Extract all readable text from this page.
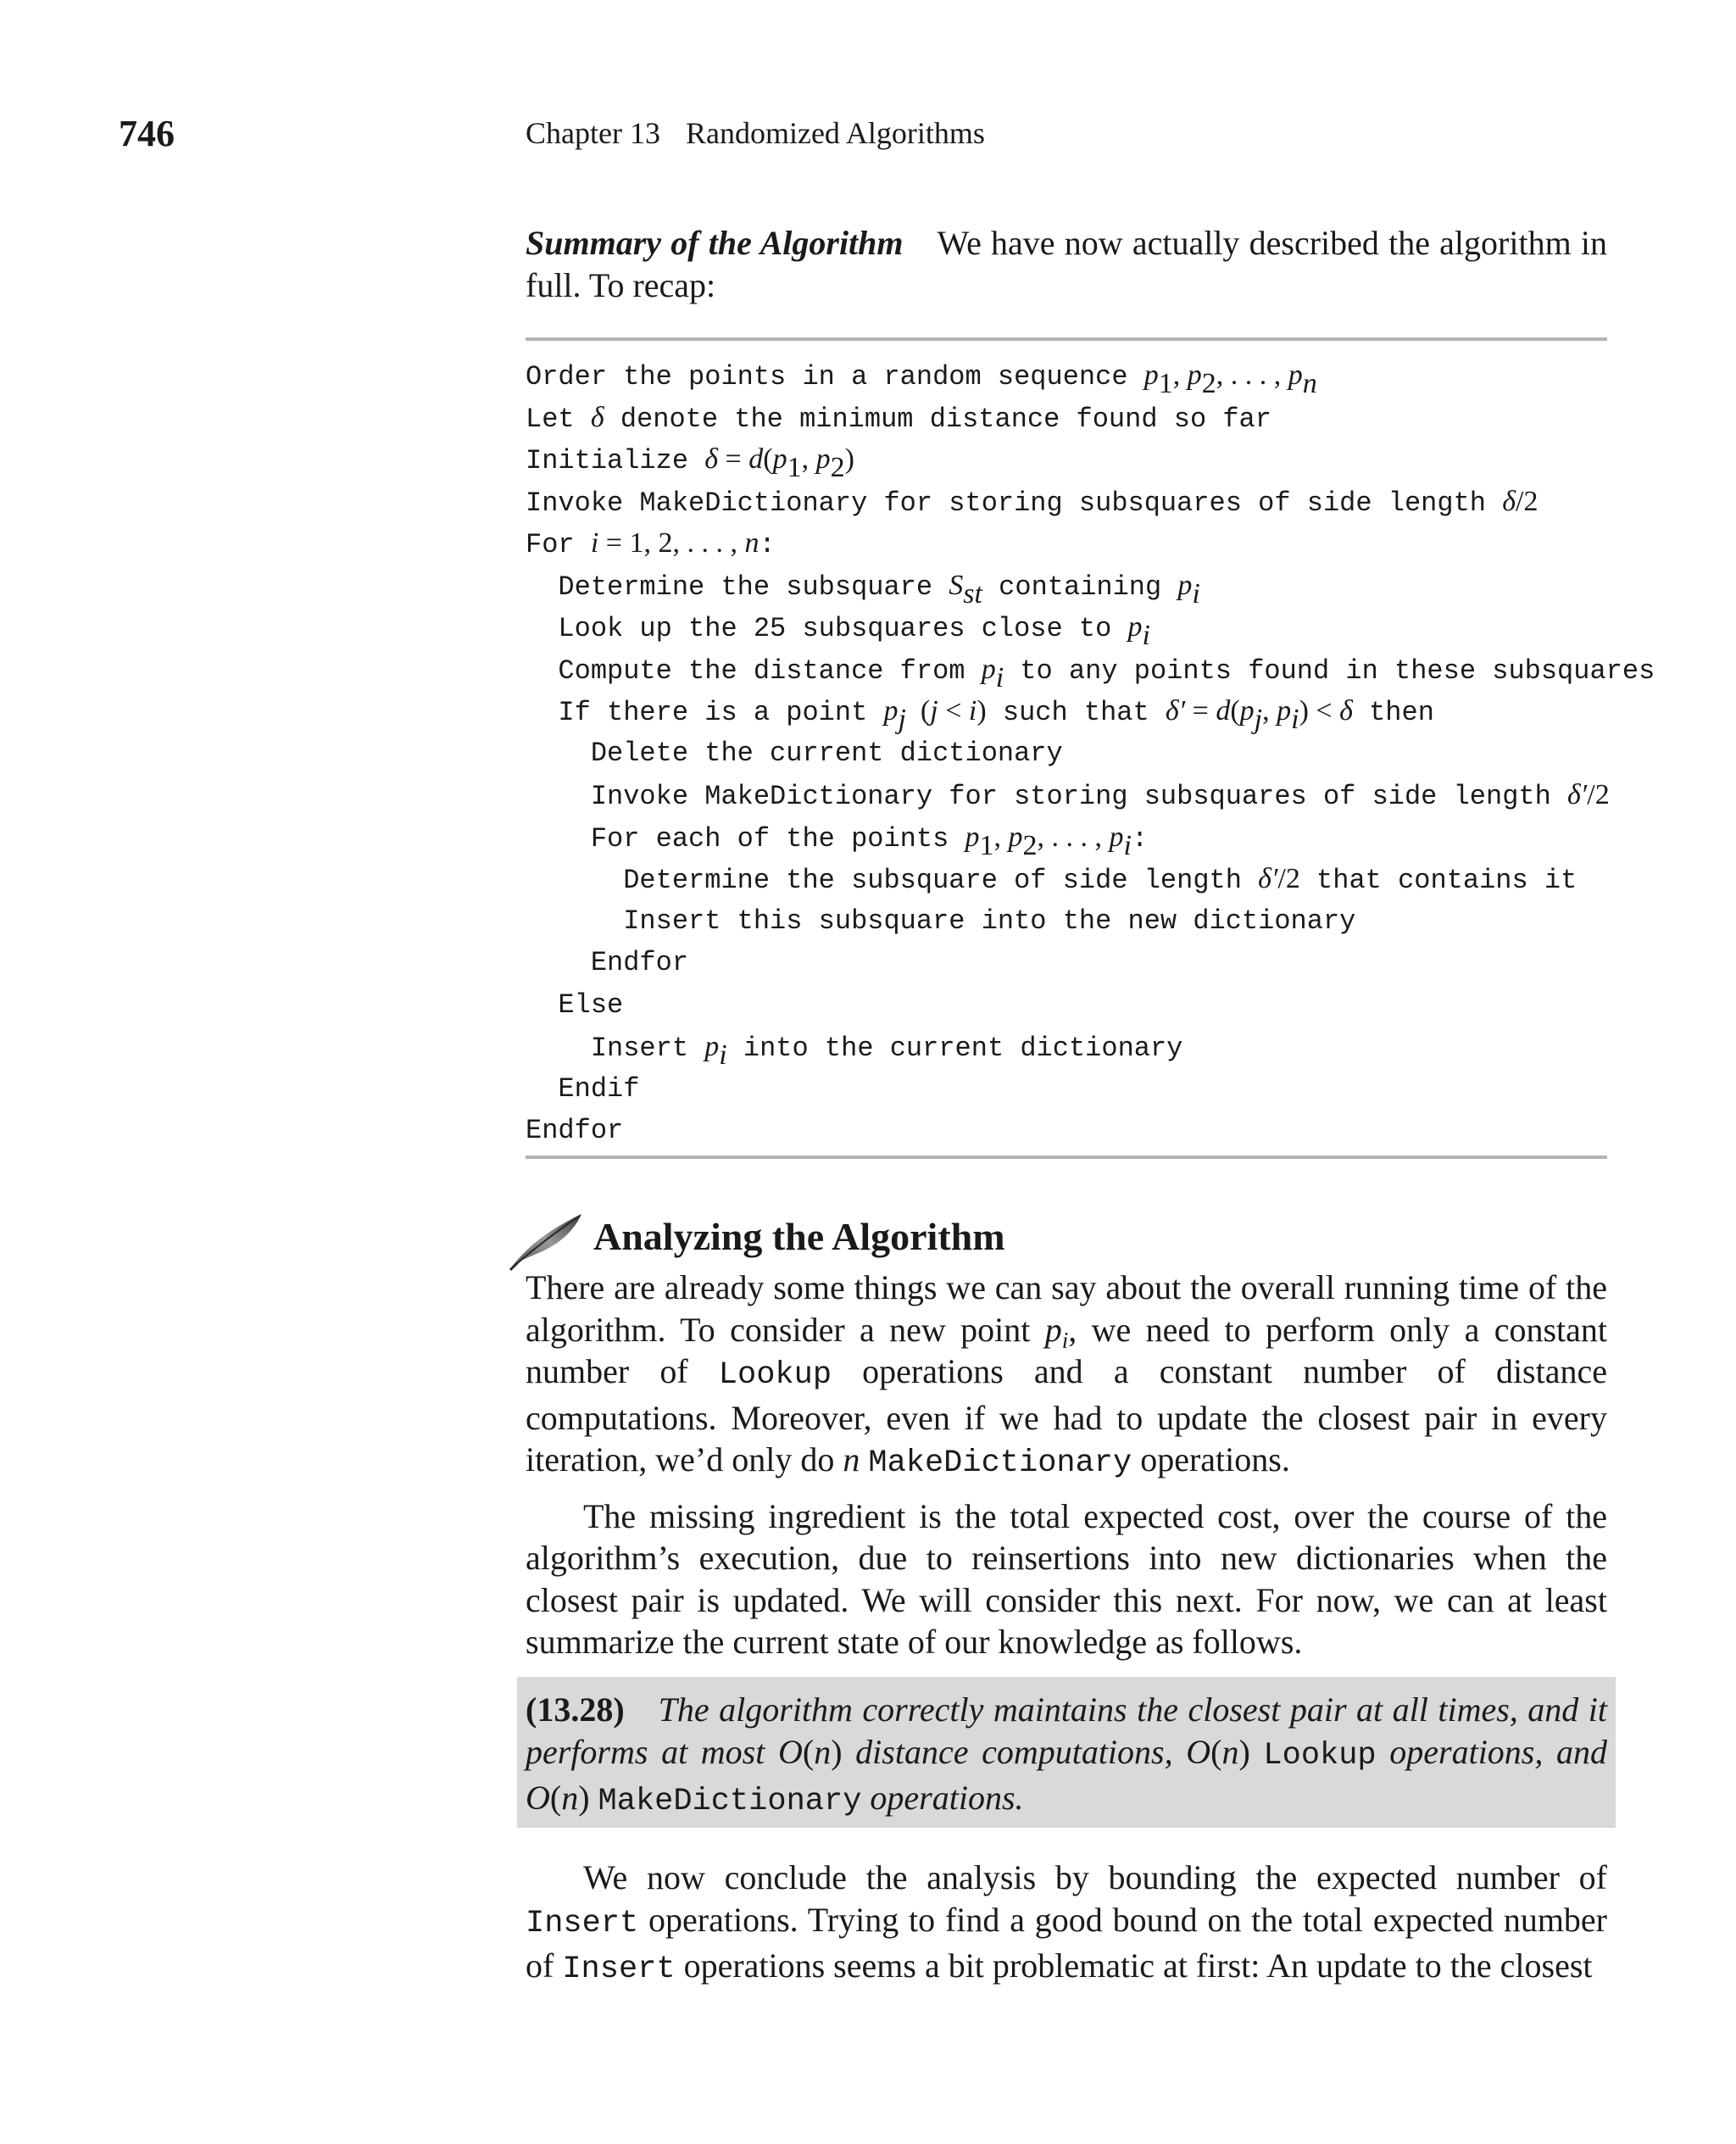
746	Chapter 13 Randomized Algorithms

Summary of the Algorithm We have now actually described the algorithm in full. To recap:

Order the points in a random sequence $p_1$, $p_2$, . . . , $p_n$
Let δ denote the minimum distance found so far
Initialize $\delta = d(p_1$, $p_2$)
Invoke MakeDictionary for storing subsquares of side length δ/2
For i = 1, 2, . . . , n:
Determine the subsquare $S_{st}$ containing $p_i$
Look up the 25 subsquares close to $p_i$
Compute the distance from $p_i$ to any points found in these subsquares
If there is a point $p_j$  (j < i) such that $\delta' = d(p_j$, $p_i) < \delta$ then
Delete the current dictionary
Invoke MakeDictionary for storing subsquares of side length δ′/2
For each of the points $p_1$, $p_2$, . . . , $p_i$:
Determine the subsquare of side length δ′/2 that contains it
Insert this subsquare into the new dictionary
Endfor
Else
Insert $p_i$ into the current dictionary
Endif
Endfor
Analyzing the Algorithm

There are already some things we can say about the overall running time of the algorithm. To consider a new point $p_i$, we need to perform only a constant number of Lookup operations and a constant number of distance computations. Moreover, even if we had to update the closest pair in every iteration, we’d only do n MakeDictionary operations.

The missing ingredient is the total expected cost, over the course of the algorithm’s execution, due to reinsertions into new dictionaries when the closest pair is updated. We will consider this next. For now, we can at least summarize the current state of our knowledge as follows.

(13.28) The algorithm correctly maintains the closest pair at all times, and it performs at most O(n) distance computations, O(n) Lookup operations, and O(n) MakeDictionary operations.

We now conclude the analysis by bounding the expected number of Insert operations. Trying to find a good bound on the total expected number of Insert operations seems a bit problematic at first: An update to the closest
